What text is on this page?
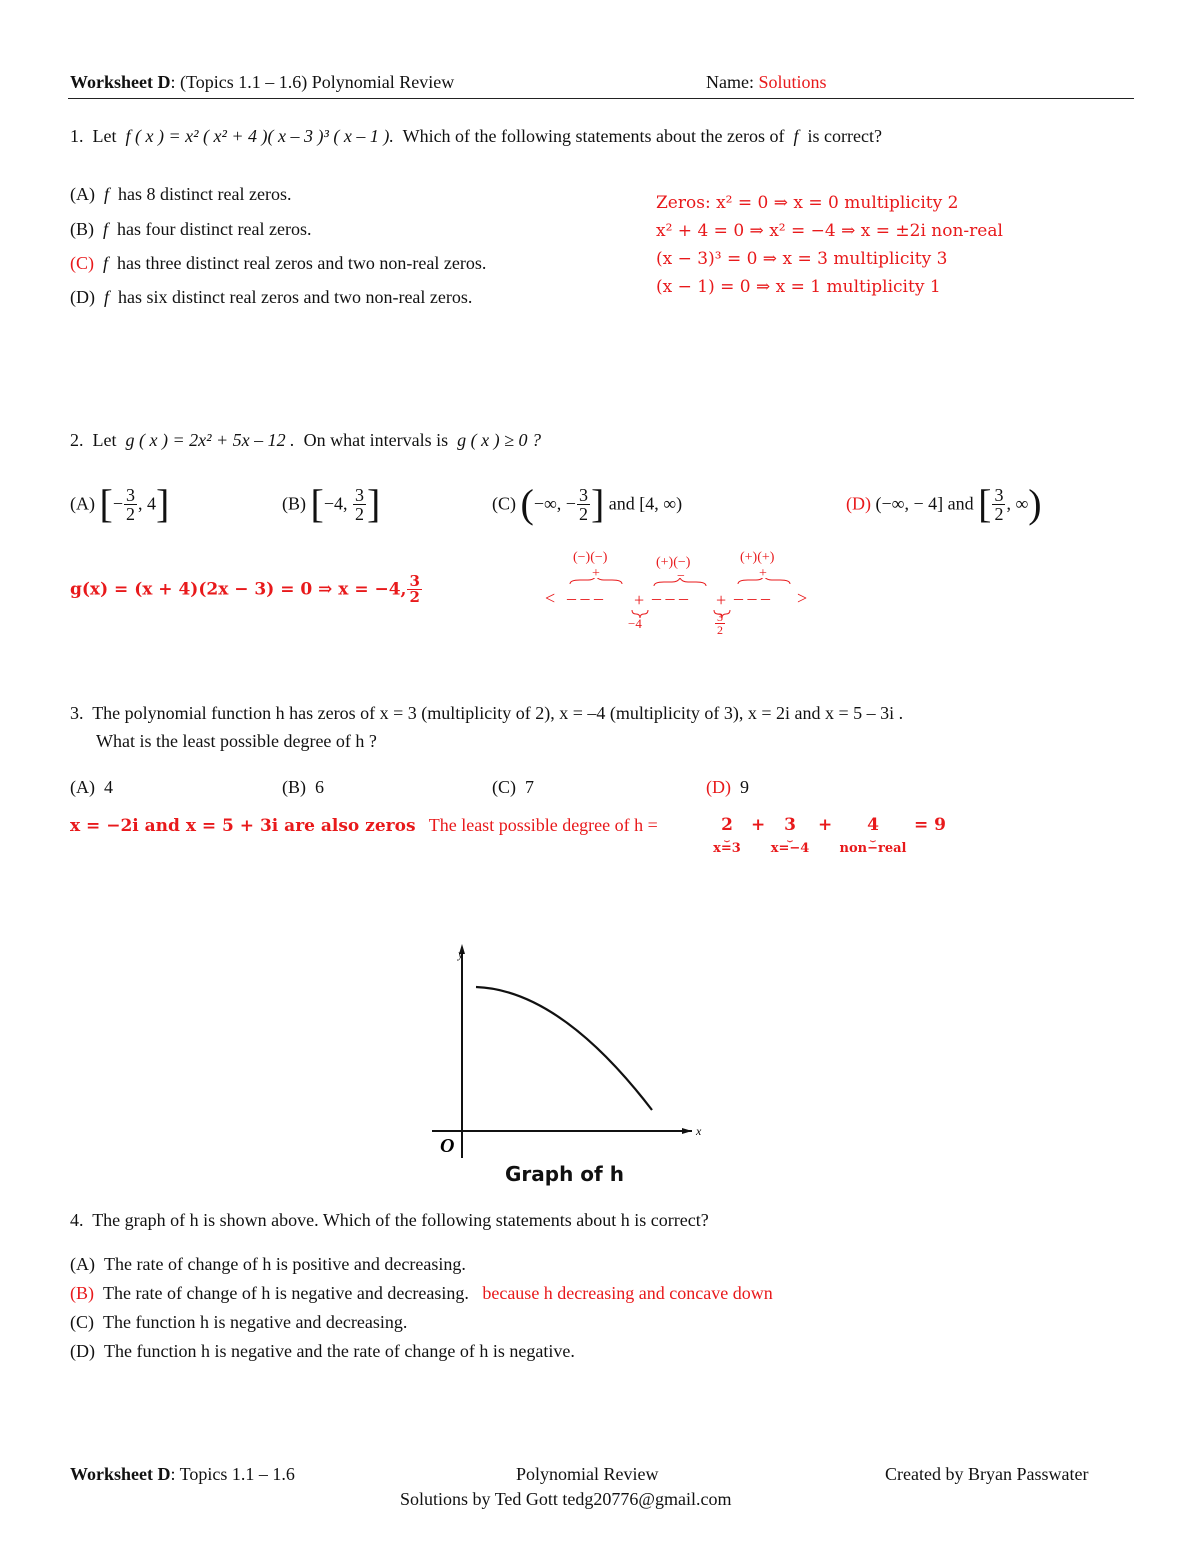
Worksheet D: (Topics 1.1 – 1.6) Polynomial Review	Name: Solutions
1. Let f ( x ) = x² ( x² + 4 )( x – 3 )³ ( x – 1 ). Which of the following statements about the zeros of f is correct?
(A) f has 8 distinct real zeros.
(B) f has four distinct real zeros.
(C) f has three distinct real zeros and two non-real zeros.
(D) f has six distinct real zeros and two non-real zeros.
Zeros: x² = 0 ⇒ x = 0 multiplicity 2
x² + 4 = 0 ⇒ x² = −4 ⇒ x = ±2i non-real
(x − 3)³ = 0 ⇒ x = 3 multiplicity 3
(x − 1) = 0 ⇒ x = 1 multiplicity 1
2. Let g ( x ) = 2x² + 5x – 12 . On what intervals is g ( x ) ≥ 0 ?
(A) [− $\frac{3}{2}$ , 4]	(B) [−4, $\frac{3}{2}$ ]	(C) (−∞, − $\frac{3}{2}$ ] and [4, ∞)	(D) (−∞, − 4] and [ $\frac{3}{2}$ , ∞)
g(x) = (x + 4)(2x − 3) = 0 ⇒ x = −4, $\frac{3}{2}$
(−)(−)
+
(+)(−)
−
(+)(+)
+
< – – – + – – – + – – – >
−4	$\frac{3}{2}$
3. The polynomial function h has zeros of x = 3 (multiplicity of 2), x = –4 (multiplicity of 3), x = 2i and x = 5 – 3i .
What is the least possible degree of h ?
(A) 4	(B) 6	(C) 7	(D) 9
x = −2i and x = 5 + 3i are also zeros The least possible degree of h =	2
⏟
x=3
+	3
⏟
x=−4
+	4
⏟
non−real
= 9
x
y
O
Graph of h
4. The graph of h is shown above. Which of the following statements about h is correct?
(A) The rate of change of h is positive and decreasing.
(B) The rate of change of h is negative and decreasing. because h decreasing and concave down
(C) The function h is negative and decreasing.
(D) The function h is negative and the rate of change of h is negative.
Worksheet D: Topics 1.1 – 1.6	Polynomial Review	Created by Bryan Passwater
Solutions by Ted Gott tedg20776@gmail.com
